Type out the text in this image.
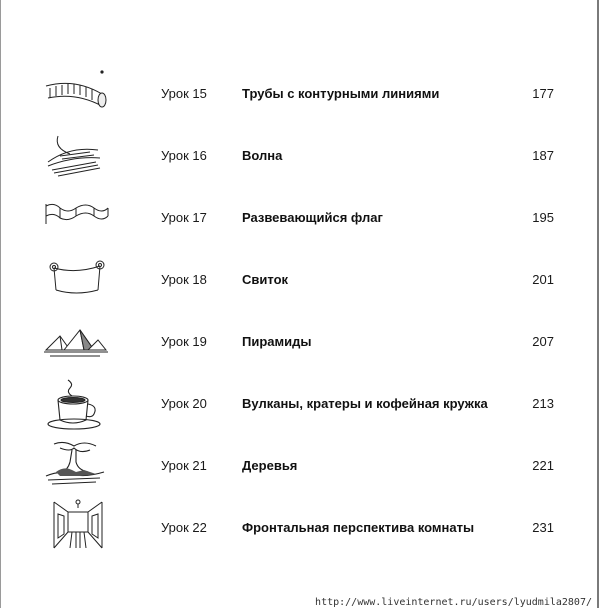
Урок 15	Трубы с контурными линиями	177
Урок 16	Волна	187
Урок 17	Развевающийся флаг	195
Урок 18	Свиток	201
Урок 19	Пирамиды	207
Урок 20	Вулканы, кратеры и кофейная кружка	213
Урок 21	Деревья	221
Урок 22	Фронтальная перспектива комнаты	231
http://www.liveinternet.ru/users/lyudmila2807/
